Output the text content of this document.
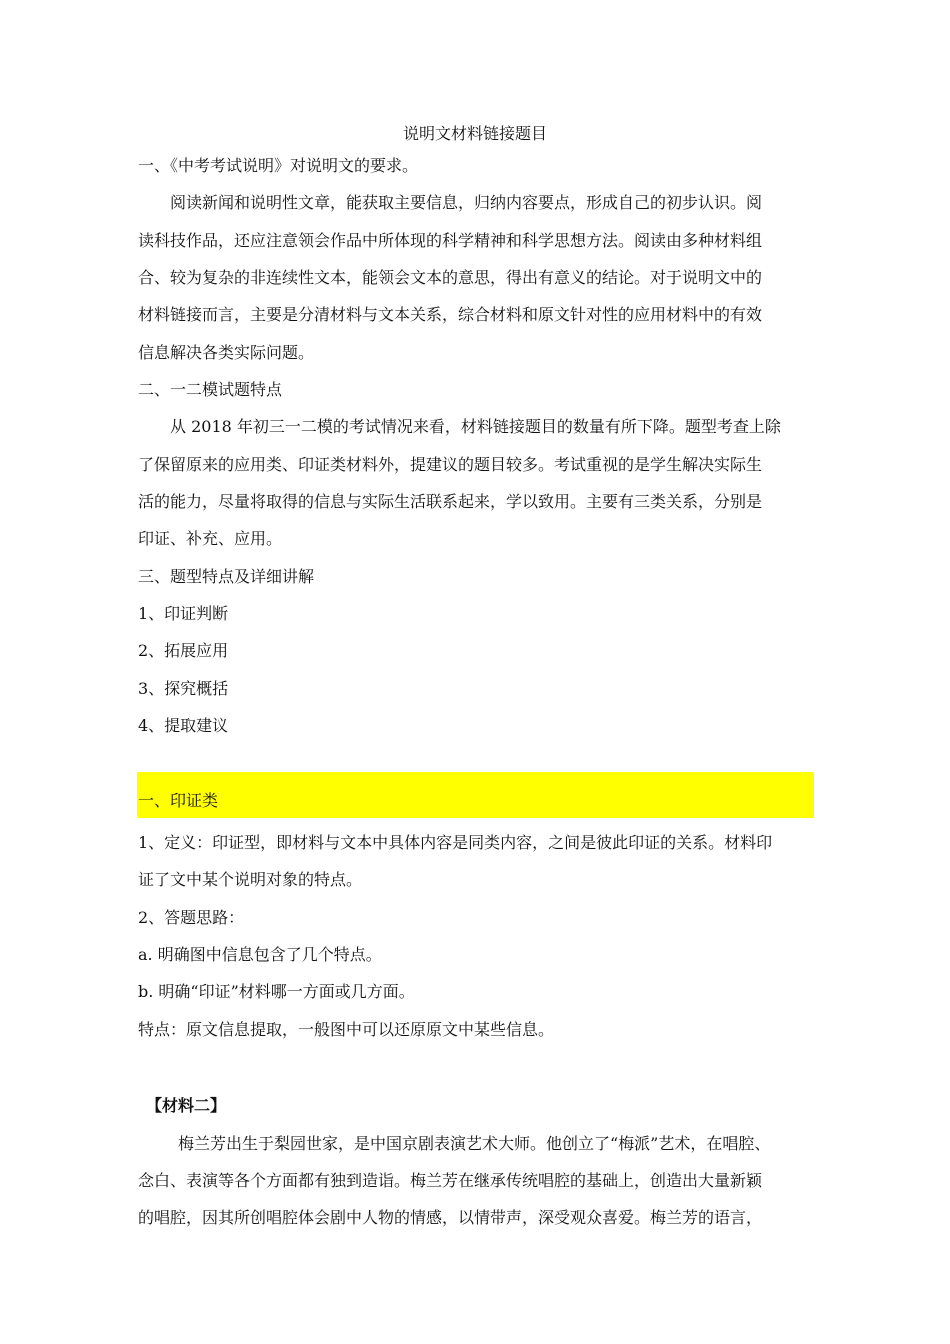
说明文材料链接题目
一、《中考考试说明》对说明文的要求。
阅读新闻和说明性文章，能获取主要信息，归纳内容要点，形成自己的初步认识。阅
读科技作品，还应注意领会作品中所体现的科学精神和科学思想方法。阅读由多种材料组
合、较为复杂的非连续性文本，能领会文本的意思，得出有意义的结论。对于说明文中的
材料链接而言，主要是分清材料与文本关系，综合材料和原文针对性的应用材料中的有效
信息解决各类实际问题。
二、一二模试题特点
从 2018 年初三一二模的考试情况来看，材料链接题目的数量有所下降。题型考查上除
了保留原来的应用类、印证类材料外，提建议的题目较多。考试重视的是学生解决实际生
活的能力，尽量将取得的信息与实际生活联系起来，学以致用。主要有三类关系，分别是
印证、补充、应用。
三、题型特点及详细讲解
1、印证判断
2、拓展应用
3、探究概括
4、提取建议
一、印证类
1、定义：印证型，即材料与文本中具体内容是同类内容，之间是彼此印证的关系。材料印
证了文中某个说明对象的特点。
2、答题思路：
a. 明确图中信息包含了几个特点。
b. 明确“印证”材料哪一方面或几方面。
特点：原文信息提取，一般图中可以还原原文中某些信息。
【材料二】
梅兰芳出生于梨园世家，是中国京剧表演艺术大师。他创立了“梅派”艺术，在唱腔、
念白、表演等各个方面都有独到造诣。梅兰芳在继承传统唱腔的基础上，创造出大量新颖
的唱腔，因其所创唱腔体会剧中人物的情感，以情带声，深受观众喜爱。梅兰芳的语言，
